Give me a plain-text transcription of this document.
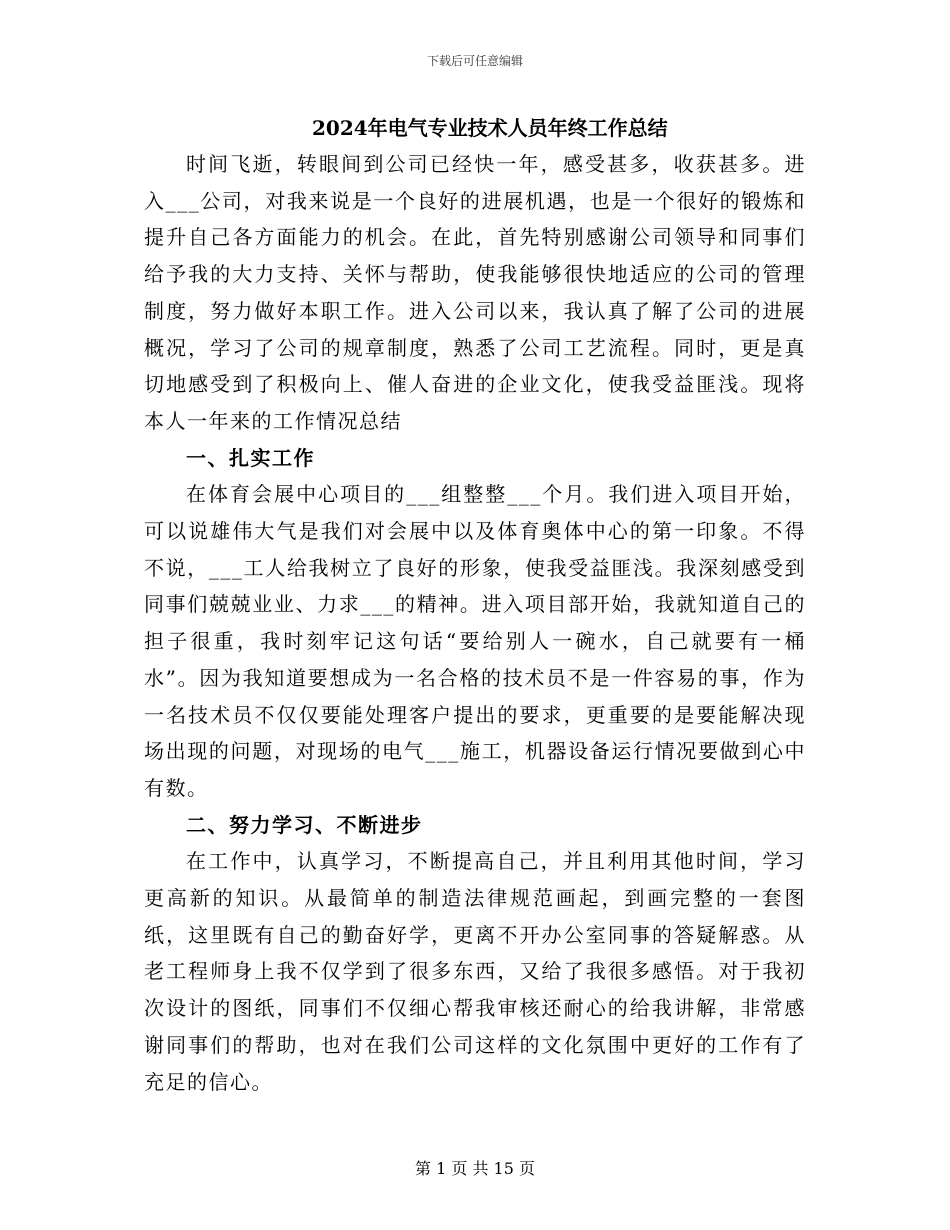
下载后可任意编辑
2024年电气专业技术人员年终工作总结

时间飞逝，转眼间到公司已经快一年，感受甚多，收获甚多。进入___公司，对我来说是一个良好的进展机遇，也是一个很好的锻炼和提升自己各方面能力的机会。在此，首先特别感谢公司领导和同事们给予我的大力支持、关怀与帮助，使我能够很快地适应的公司的管理制度，努力做好本职工作。进入公司以来，我认真了解了公司的进展概况，学习了公司的规章制度，熟悉了公司工艺流程。同时，更是真切地感受到了积极向上、催人奋进的企业文化，使我受益匪浅。现将本人一年来的工作情况总结

一、扎实工作

在体育会展中心项目的___组整整___个月。我们进入项目开始，可以说雄伟大气是我们对会展中以及体育奥体中心的第一印象。不得不说，___工人给我树立了良好的形象，使我受益匪浅。我深刻感受到同事们兢兢业业、力求___的精神。进入项目部开始，我就知道自己的担子很重，我时刻牢记这句话“要给别人一碗水，自己就要有一桶水”。因为我知道要想成为一名合格的技术员不是一件容易的事，作为一名技术员不仅仅要能处理客户提出的要求，更重要的是要能解决现场出现的问题，对现场的电气___施工，机器设备运行情况要做到心中有数。

二、努力学习、不断进步

在工作中，认真学习，不断提高自己，并且利用其他时间，学习更高新的知识。从最简单的制造法律规范画起，到画完整的一套图纸，这里既有自己的勤奋好学，更离不开办公室同事的答疑解惑。从老工程师身上我不仅学到了很多东西，又给了我很多感悟。对于我初次设计的图纸，同事们不仅细心帮我审核还耐心的给我讲解，非常感谢同事们的帮助，也对在我们公司这样的文化氛围中更好的工作有了充足的信心。

第 1 页 共 15 页
